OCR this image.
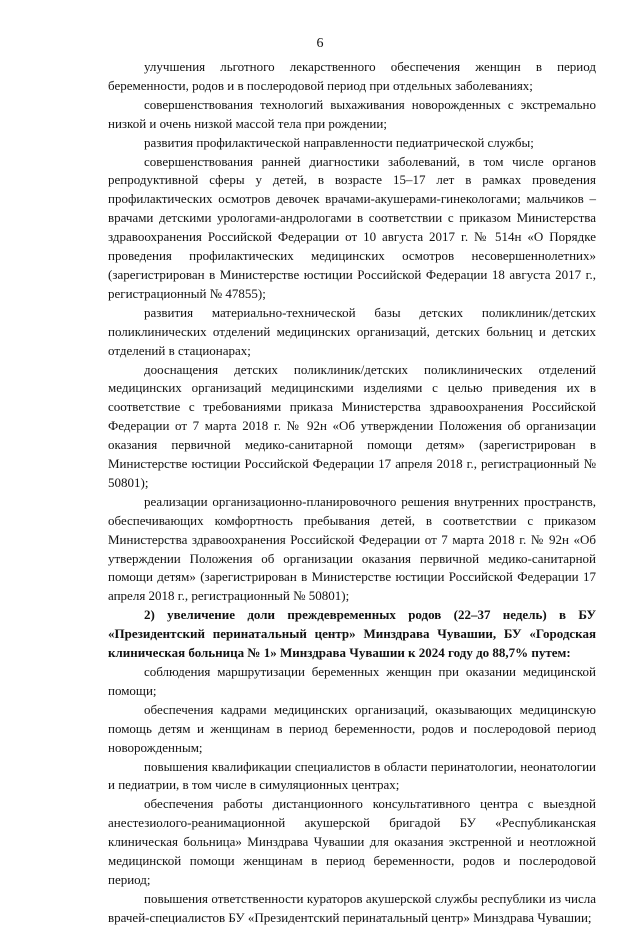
6

улучшения льготного лекарственного обеспечения женщин в период беременности, родов и в послеродовой период при отдельных заболеваниях;

совершенствования технологий выхаживания новорожденных с экстремально низкой и очень низкой массой тела при рождении;

развития профилактической направленности педиатрической службы;

совершенствования ранней диагностики заболеваний, в том числе органов репродуктивной сферы у детей, в возрасте 15–17 лет в рамках проведения профилактических осмотров девочек врачами-акушерами-гинекологами; мальчиков – врачами детскими урологами-андрологами в соответствии с приказом Министерства здравоохранения Российской Федерации от 10 августа 2017 г. № 514н «О Порядке проведения профилактических медицинских осмотров несовершеннолетних» (зарегистрирован в Министерстве юстиции Российской Федерации 18 августа 2017 г., регистрационный № 47855);

развития материально-технической базы детских поликлиник/детских поликлинических отделений медицинских организаций, детских больниц и детских отделений в стационарах;

дооснащения детских поликлиник/детских поликлинических отделений медицинских организаций медицинскими изделиями с целью приведения их в соответствие с требованиями приказа Министерства здравоохранения Российской Федерации от 7 марта 2018 г. № 92н «Об утверждении Положения об организации оказания первичной медико-санитарной помощи детям» (зарегистрирован в Министерстве юстиции Российской Федерации 17 апреля 2018 г., регистрационный № 50801);

реализации организационно-планировочного решения внутренних пространств, обеспечивающих комфортность пребывания детей, в соответствии с приказом Министерства здравоохранения Российской Федерации от 7 марта 2018 г. № 92н «Об утверждении Положения об организации оказания первичной медико-санитарной помощи детям» (зарегистрирован в Министерстве юстиции Российской Федерации 17 апреля 2018 г., регистрационный № 50801);

2) увеличение доли преждевременных родов (22–37 недель) в БУ «Президентский перинатальный центр» Минздрава Чувашии, БУ «Городская клиническая больница № 1» Минздрава Чувашии к 2024 году до 88,7% путем:

соблюдения маршрутизации беременных женщин при оказании медицинской помощи;

обеспечения кадрами медицинских организаций, оказывающих медицинскую помощь детям и женщинам в период беременности, родов и послеродовой период новорожденным;

повышения квалификации специалистов в области перинатологии, неонатологии и педиатрии, в том числе в симуляционных центрах;

обеспечения работы дистанционного консультативного центра с выездной анестезиолого-реанимационной акушерской бригадой БУ «Республиканская клиническая больница» Минздрава Чувашии для оказания экстренной и неотложной медицинской помощи женщинам в период беременности, родов и послеродовой период;

повышения ответственности кураторов акушерской службы республики из числа врачей-специалистов БУ «Президентский перинатальный центр» Минздрава Чувашии;
